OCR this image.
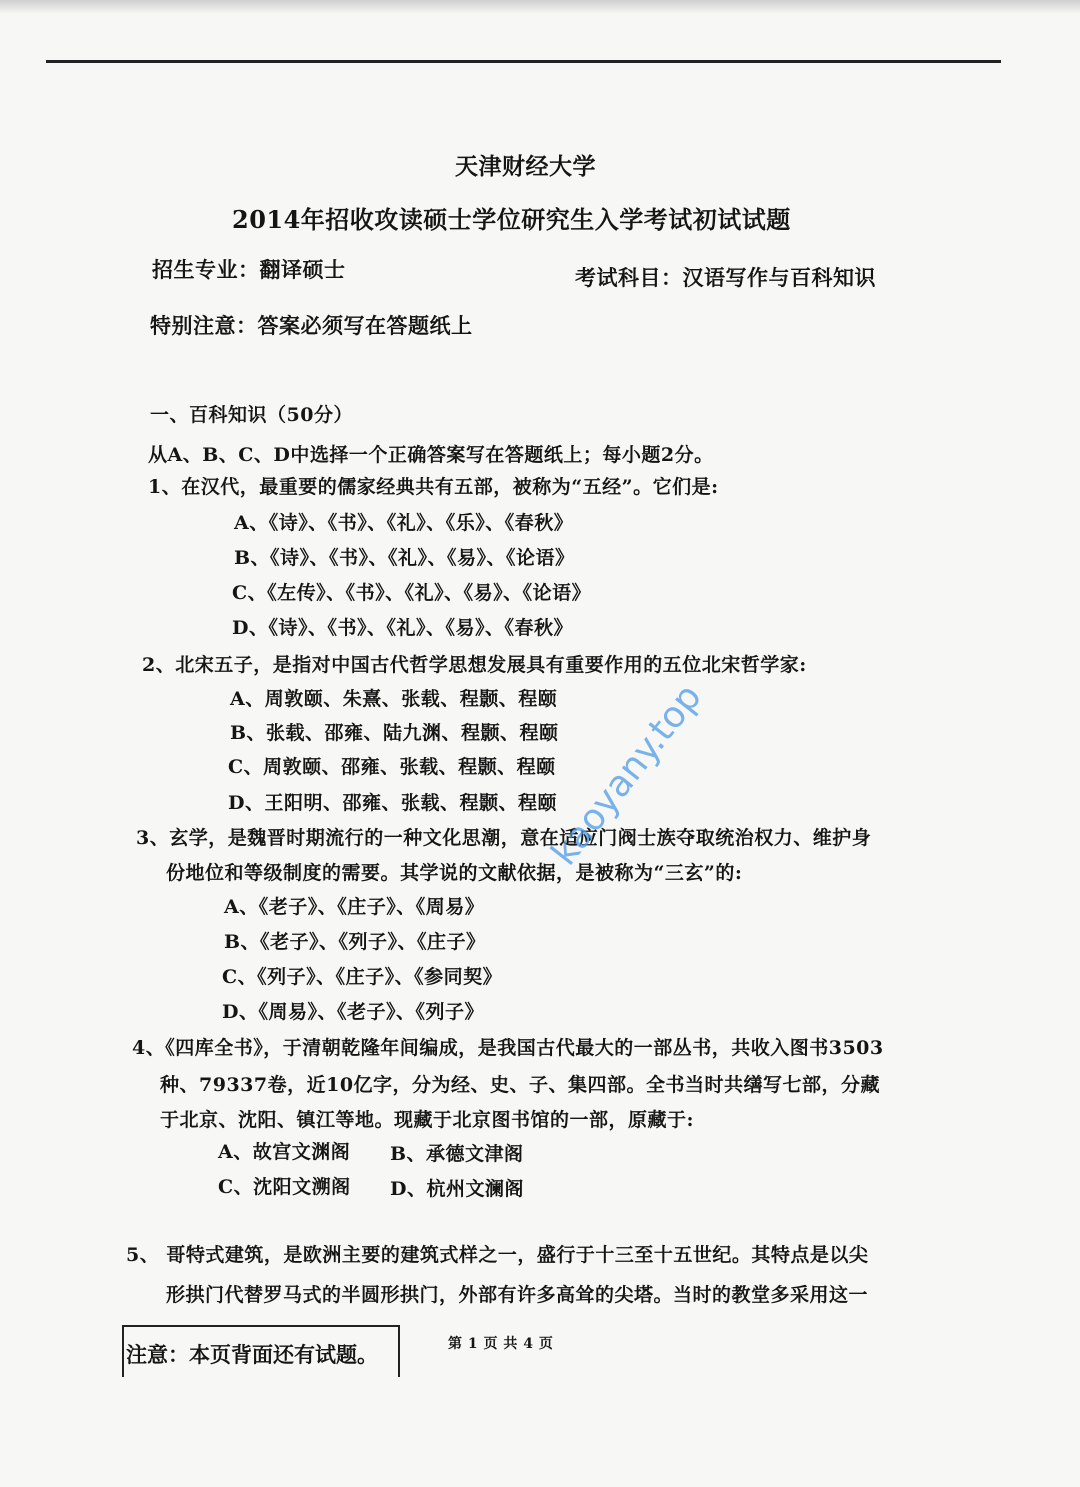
天津财经大学
2014年招收攻读硕士学位研究生入学考试初试试题
招生专业：翻译硕士	考试科目：汉语写作与百科知识
特别注意：答案必须写在答题纸上
一、百科知识（50分）
从A、B、C、D中选择一个正确答案写在答题纸上；每小题2分。
1、在汉代，最重要的儒家经典共有五部，被称为“五经”。它们是:
A、《诗》、《书》、《礼》、《乐》、《春秋》
B、《诗》、《书》、《礼》、《易》、《论语》
C、《左传》、《书》、《礼》、《易》、《论语》
D、《诗》、《书》、《礼》、《易》、《春秋》
2、北宋五子，是指对中国古代哲学思想发展具有重要作用的五位北宋哲学家:
A、周敦颐、朱熹、张载、程颢、程颐
B、张载、邵雍、陆九渊、程颢、程颐
C、周敦颐、邵雍、张载、程颢、程颐
D、王阳明、邵雍、张载、程颢、程颐
3、玄学，是魏晋时期流行的一种文化思潮，意在适应门阀士族夺取统治权力、维护身
份地位和等级制度的需要。其学说的文献依据，是被称为“三玄”的:
A、《老子》、《庄子》、《周易》
B、《老子》、《列子》、《庄子》
C、《列子》、《庄子》、《参同契》
D、《周易》、《老子》、《列子》
4、《四库全书》，于清朝乾隆年间编成，是我国古代最大的一部丛书，共收入图书3503
种、79337卷，近10亿字，分为经、史、子、集四部。全书当时共缮写七部，分藏
于北京、沈阳、镇江等地。现藏于北京图书馆的一部，原藏于:
A、故宫文渊阁 B、承德文津阁
C、沈阳文溯阁 D、杭州文澜阁
5、 哥特式建筑，是欧洲主要的建筑式样之一，盛行于十三至十五世纪。其特点是以尖
形拱门代替罗马式的半圆形拱门，外部有许多高耸的尖塔。当时的教堂多采用这一
注意：本页背面还有试题。	第 1 页 共 4 页
kaoyany.top
